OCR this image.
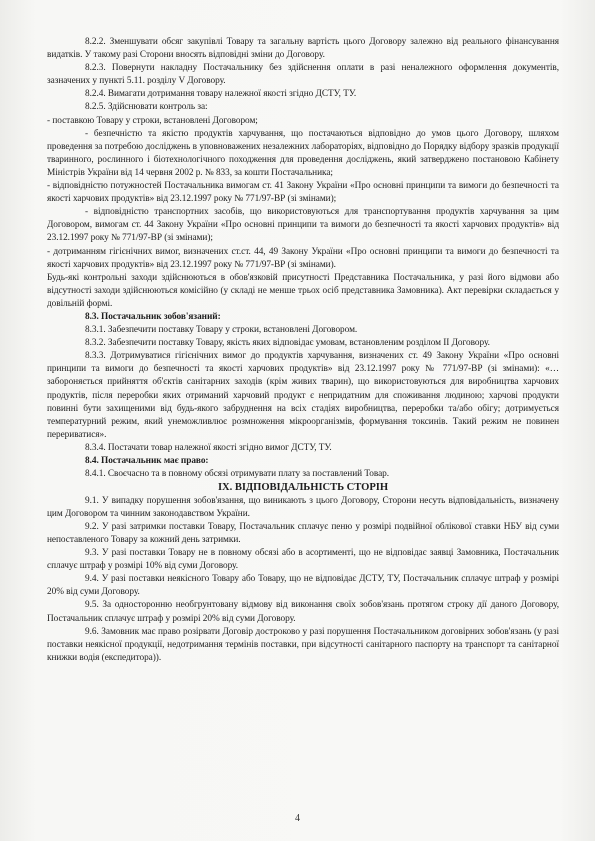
8.2.2. Зменшувати обсяг закупівлі Товару та загальну вартість цього Договору залежно від реального фінансування видатків. У такому разі Сторони вносять відповідні зміни до Договору.

8.2.3. Повернути накладну Постачальнику без здійснення оплати в разі неналежного оформлення документів, зазначених у пункті 5.11. розділу V Договору.

8.2.4. Вимагати дотримання товару належної якості згідно ДСТУ, ТУ.

8.2.5. Здійснювати контроль за:

- поставкою Товару у строки, встановлені Договором;

- безпечністю та якістю продуктів харчування, що постачаються відповідно до умов цього Договору, шляхом проведення за потребою досліджень в уповноважених незалежних лабораторіях, відповідно до Порядку відбору зразків продукції тваринного, рослинного і біотехнологічного походження для проведення досліджень, який затверджено постановою Кабінету Міністрів України від 14 червня 2002 р. № 833, за кошти Постачальника;

- відповідністю потужностей Постачальника вимогам ст. 41 Закону України «Про основні принципи та вимоги до безпечності та якості харчових продуктів» від 23.12.1997 року № 771/97-ВР (зі змінами);

- відповідністю транспортних засобів, що використовуються для транспортування продуктів харчування за цим Договором, вимогам ст. 44 Закону України «Про основні принципи та вимоги до безпечності та якості харчових продуктів» від 23.12.1997 року № 771/97-ВР (зі змінами);

- дотриманням гігієнічних вимог, визначених ст.ст. 44, 49 Закону України «Про основні принципи та вимоги до безпечності та якості харчових продуктів» від 23.12.1997 року № 771/97-ВР (зі змінами).

Будь-які контрольні заходи здійснюються в обов'язковій присутності Представника Постачальника, у разі його відмови або відсутності заходи здійснюються комісійно (у складі не менше трьох осіб представника Замовника). Акт перевірки складається у довільній формі.

8.3. Постачальник зобов'язаний:

8.3.1. Забезпечити поставку Товару у строки, встановлені Договором.

8.3.2. Забезпечити поставку Товару, якість яких відповідає умовам, встановленим розділом II Договору.

8.3.3. Дотримуватися гігієнічних вимог до продуктів харчування, визначених ст. 49 Закону України «Про основні принципи та вимоги до безпечності та якості харчових продуктів» від 23.12.1997 року № 771/97-ВР (зі змінами): «…забороняється прийняття об'єктів санітарних заходів (крім живих тварин), що використовуються для виробництва харчових продуктів, після переробки яких отриманий харчовий продукт є непридатним для споживання людиною; харчові продукти повинні бути захищеними від будь-якого забруднення на всіх стадіях виробництва, переробки та/або обігу; дотримується температурний режим, який унеможливлює розмноження мікроорганізмів, формування токсинів. Такий режим не повинен перериватися».

8.3.4. Постачати товар належної якості згідно вимог ДСТУ, ТУ.

8.4. Постачальник має право:

8.4.1. Своєчасно та в повному обсязі отримувати плату за поставлений Товар.

IX. ВІДПОВІДАЛЬНІСТЬ СТОРІН

9.1. У випадку порушення зобов'язання, що виникають з цього Договору, Сторони несуть відповідальність, визначену цим Договором та чинним законодавством України.

9.2. У разі затримки поставки Товару, Постачальник сплачує пеню у розмірі подвійної облікової ставки НБУ від суми непоставленого Товару за кожний день затримки.

9.3. У разі поставки Товару не в повному обсязі або в асортименті, що не відповідає заявці Замовника, Постачальник сплачує штраф у розмірі 10% від суми Договору.

9.4. У разі поставки неякісного Товару або Товару, що не відповідає ДСТУ, ТУ, Постачальник сплачує штраф у розмірі 20% від суми Договору.

9.5. За односторонню необгрунтовану відмову від виконання своїх зобов'язань протягом строку дії даного Договору, Постачальник сплачує штраф у розмірі 20% від суми Договору.

9.6. Замовник має право розірвати Договір достроково у разі порушення Постачальником договірних зобов'язань (у разі поставки неякісної продукції, недотримання термінів поставки, при відсутності санітарного паспорту на транспорт та санітарної книжки водія (експедитора)).

4
